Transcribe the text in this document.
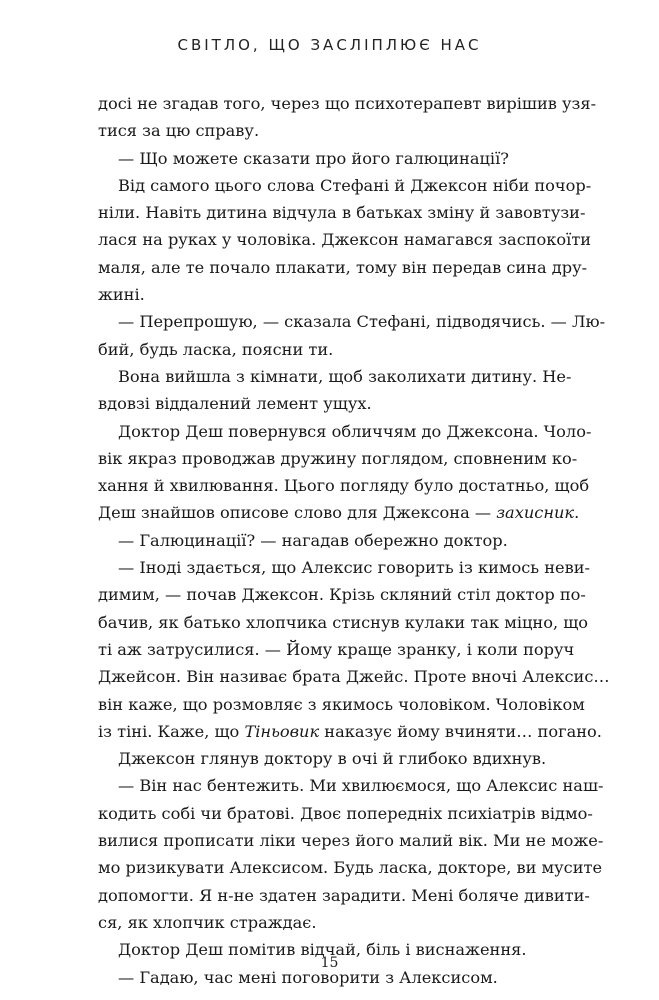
СВІТЛО, ЩО ЗАСЛІПЛЮЄ НАС
досі не згадав того, через що психотерапевт вирішив узя-
тися за цю справу.
— Що можете сказати про його галюцинації?
Від самого цього слова Стефані й Джексон ніби почор-
ніли. Навіть дитина відчула в батьках зміну й завовтузи-
лася на руках у чоловіка. Джексон намагався заспокоїти
маля, але те почало плакати, тому він передав сина дру-
жині.
— Перепрошую, — сказала Стефані, підводячись. — Лю-
бий, будь ласка, поясни ти.
Вона вийшла з кімнати, щоб заколихати дитину. Не-
вдовзі віддалений лемент ущух.
Доктор Деш повернувся обличчям до Джексона. Чоло-
вік якраз проводжав дружину поглядом, сповненим ко-
хання й хвилювання. Цього погляду було достатньо, щоб
Деш знайшов описове слово для Джексона — захисник.
— Галюцинації? — нагадав обережно доктор.
— Іноді здається, що Алексис говорить із кимось неви-
димим, — почав Джексон. Крізь скляний стіл доктор по-
бачив, як батько хлопчика стиснув кулаки так міцно, що
ті аж затрусилися. — Йому краще зранку, і коли поруч
Джейсон. Він називає брата Джейс. Проте вночі Алексис…
він каже, що розмовляє з якимось чоловіком. Чоловіком
із тіні. Каже, що Тіньовик наказує йому вчиняти… погано.
Джексон глянув доктору в очі й глибоко вдихнув.
— Він нас бентежить. Ми хвилюємося, що Алексис наш-
кодить собі чи братові. Двоє попередніх психіатрів відмо-
вилися прописати ліки через його малий вік. Ми не може-
мо ризикувати Алексисом. Будь ласка, докторе, ви мусите
допомогти. Я н-не здатен зарадити. Мені боляче дивити-
ся, як хлопчик страждає.
Доктор Деш помітив відчай, біль і виснаження.
— Гадаю, час мені поговорити з Алексисом.
15
